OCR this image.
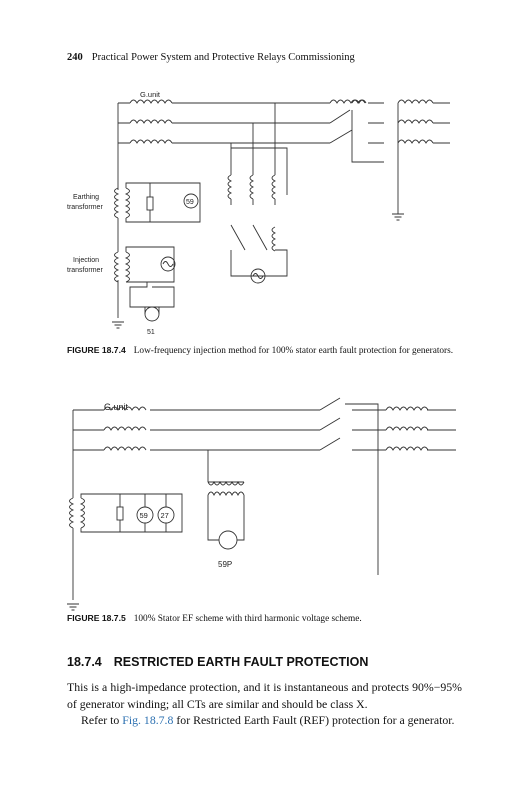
240 Practical Power System and Protective Relays Commissioning
G.unit
59
Earthing
transformer
Injection
transformer
51
FIGURE 18.7.4 Low-frequency injection method for 100% stator earth fault protection for generators.
G.unit
59 27
59P
FIGURE 18.7.5 100% Stator EF scheme with third harmonic voltage scheme.
18.7.4 RESTRICTED EARTH FAULT PROTECTION

This is a high-impedance protection, and it is instantaneous and protects 90%−95% of generator winding; all CTs are similar and should be class X.

Refer to Fig. 18.7.8 for Restricted Earth Fault (REF) protection for a generator.
